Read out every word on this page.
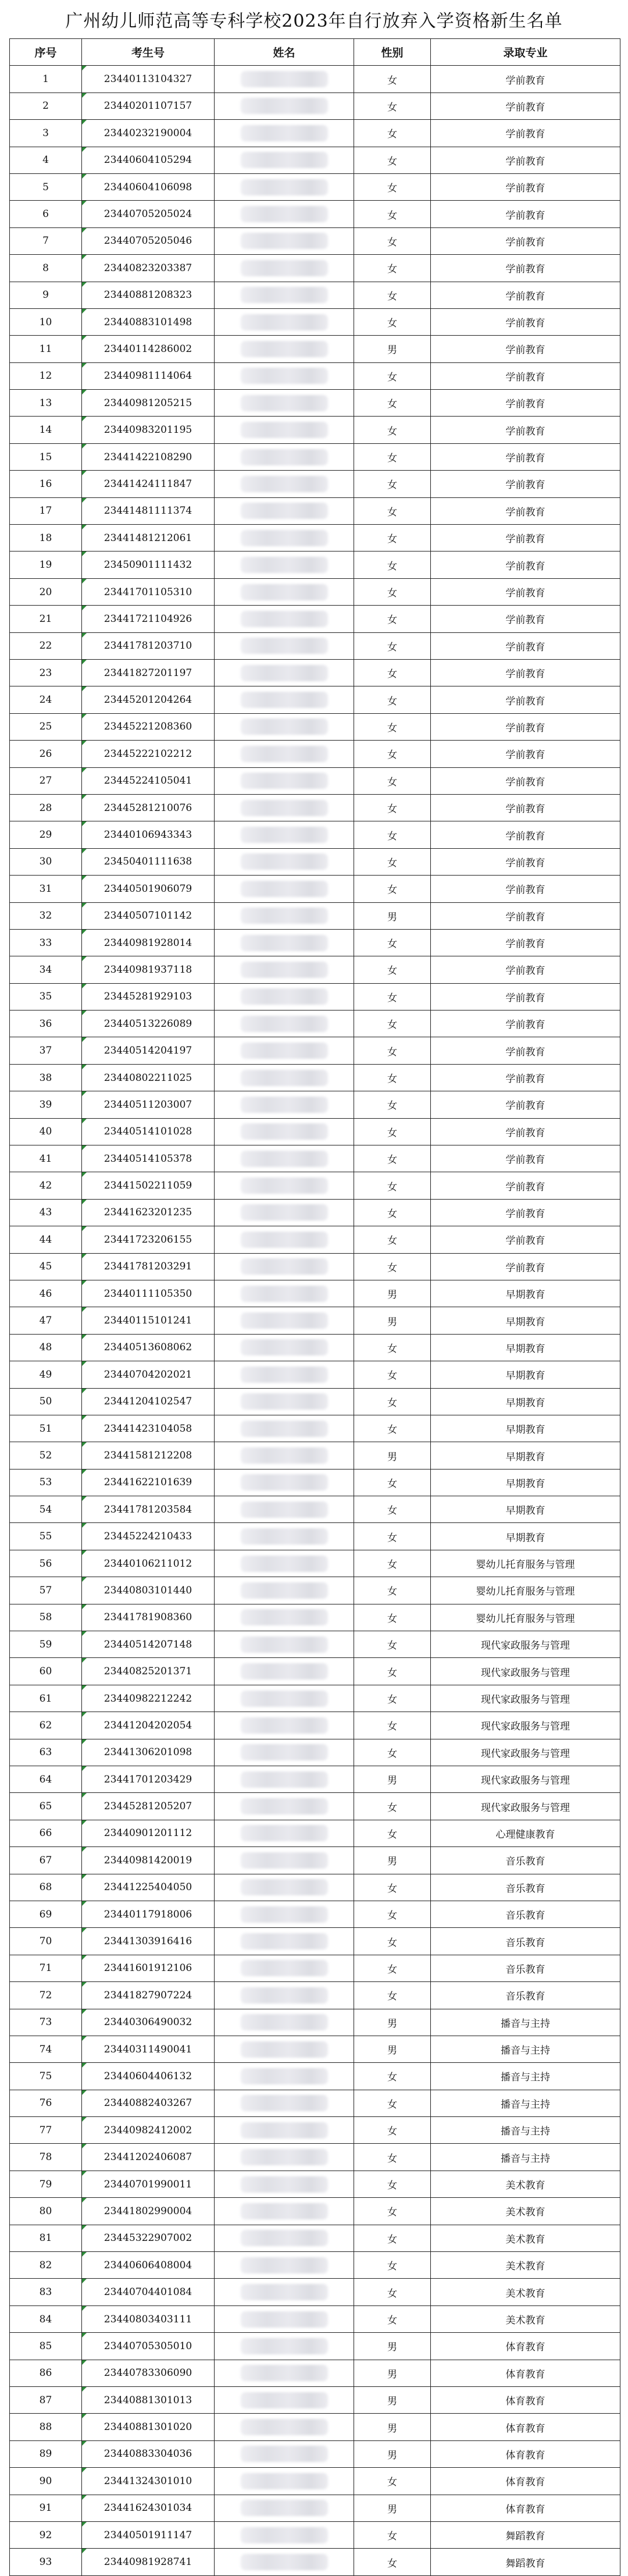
广州幼儿师范高等专科学校2023年自行放弃入学资格新生名单
序号	考生号	姓名	性别	录取专业
1	23440113104327		女	学前教育
2	23440201107157		女	学前教育
3	23440232190004		女	学前教育
4	23440604105294		女	学前教育
5	23440604106098		女	学前教育
6	23440705205024		女	学前教育
7	23440705205046		女	学前教育
8	23440823203387		女	学前教育
9	23440881208323		女	学前教育
10	23440883101498		女	学前教育
11	23440114286002		男	学前教育
12	23440981114064		女	学前教育
13	23440981205215		女	学前教育
14	23440983201195		女	学前教育
15	23441422108290		女	学前教育
16	23441424111847		女	学前教育
17	23441481111374		女	学前教育
18	23441481212061		女	学前教育
19	23450901111432		女	学前教育
20	23441701105310		女	学前教育
21	23441721104926		女	学前教育
22	23441781203710		女	学前教育
23	23441827201197		女	学前教育
24	23445201204264		女	学前教育
25	23445221208360		女	学前教育
26	23445222102212		女	学前教育
27	23445224105041		女	学前教育
28	23445281210076		女	学前教育
29	23440106943343		女	学前教育
30	23450401111638		女	学前教育
31	23440501906079		女	学前教育
32	23440507101142		男	学前教育
33	23440981928014		女	学前教育
34	23440981937118		女	学前教育
35	23445281929103		女	学前教育
36	23440513226089		女	学前教育
37	23440514204197		女	学前教育
38	23440802211025		女	学前教育
39	23440511203007		女	学前教育
40	23440514101028		女	学前教育
41	23440514105378		女	学前教育
42	23441502211059		女	学前教育
43	23441623201235		女	学前教育
44	23441723206155		女	学前教育
45	23441781203291		女	学前教育
46	23440111105350		男	早期教育
47	23440115101241		男	早期教育
48	23440513608062		女	早期教育
49	23440704202021		女	早期教育
50	23441204102547		女	早期教育
51	23441423104058		女	早期教育
52	23441581212208		男	早期教育
53	23441622101639		女	早期教育
54	23441781203584		女	早期教育
55	23445224210433		女	早期教育
56	23440106211012		女	婴幼儿托育服务与管理
57	23440803101440		女	婴幼儿托育服务与管理
58	23441781908360		女	婴幼儿托育服务与管理
59	23440514207148		女	现代家政服务与管理
60	23440825201371		女	现代家政服务与管理
61	23440982212242		女	现代家政服务与管理
62	23441204202054		女	现代家政服务与管理
63	23441306201098		女	现代家政服务与管理
64	23441701203429		男	现代家政服务与管理
65	23445281205207		女	现代家政服务与管理
66	23440901201112		女	心理健康教育
67	23440981420019		男	音乐教育
68	23441225404050		女	音乐教育
69	23440117918006		女	音乐教育
70	23441303916416		女	音乐教育
71	23441601912106		女	音乐教育
72	23441827907224		女	音乐教育
73	23440306490032		男	播音与主持
74	23440311490041		男	播音与主持
75	23440604406132		女	播音与主持
76	23440882403267		女	播音与主持
77	23440982412002		女	播音与主持
78	23441202406087		女	播音与主持
79	23440701990011		女	美术教育
80	23441802990004		女	美术教育
81	23445322907002		女	美术教育
82	23440606408004		女	美术教育
83	23440704401084		女	美术教育
84	23440803403111		女	美术教育
85	23440705305010		男	体育教育
86	23440783306090		男	体育教育
87	23440881301013		男	体育教育
88	23440881301020		男	体育教育
89	23440883304036		男	体育教育
90	23441324301010		女	体育教育
91	23441624301034		男	体育教育
92	23440501911147		女	舞蹈教育
93	23440981928741		女	舞蹈教育
